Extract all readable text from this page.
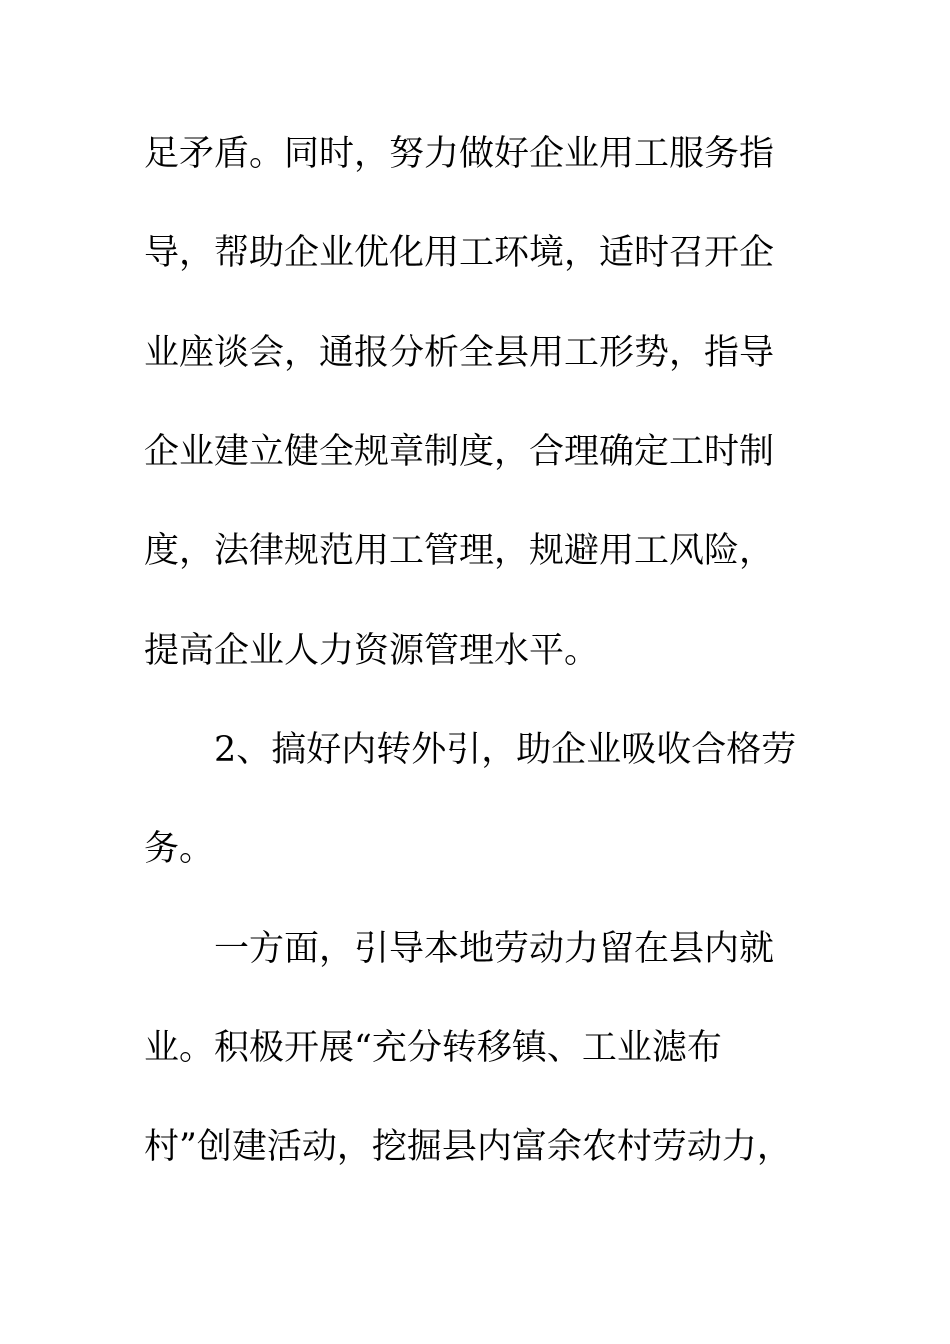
足矛盾。同时，努力做好企业用工服务指
导，帮助企业优化用工环境，适时召开企
业座谈会，通报分析全县用工形势，指导
企业建立健全规章制度，合理确定工时制
度，法律规范用工管理，规避用工风险，
提高企业人力资源管理水平。
2、搞好内转外引，助企业吸收合格劳
务。
一方面，引导本地劳动力留在县内就
业。积极开展“充分转移镇、工业滤布
村”创建活动，挖掘县内富余农村劳动力，
